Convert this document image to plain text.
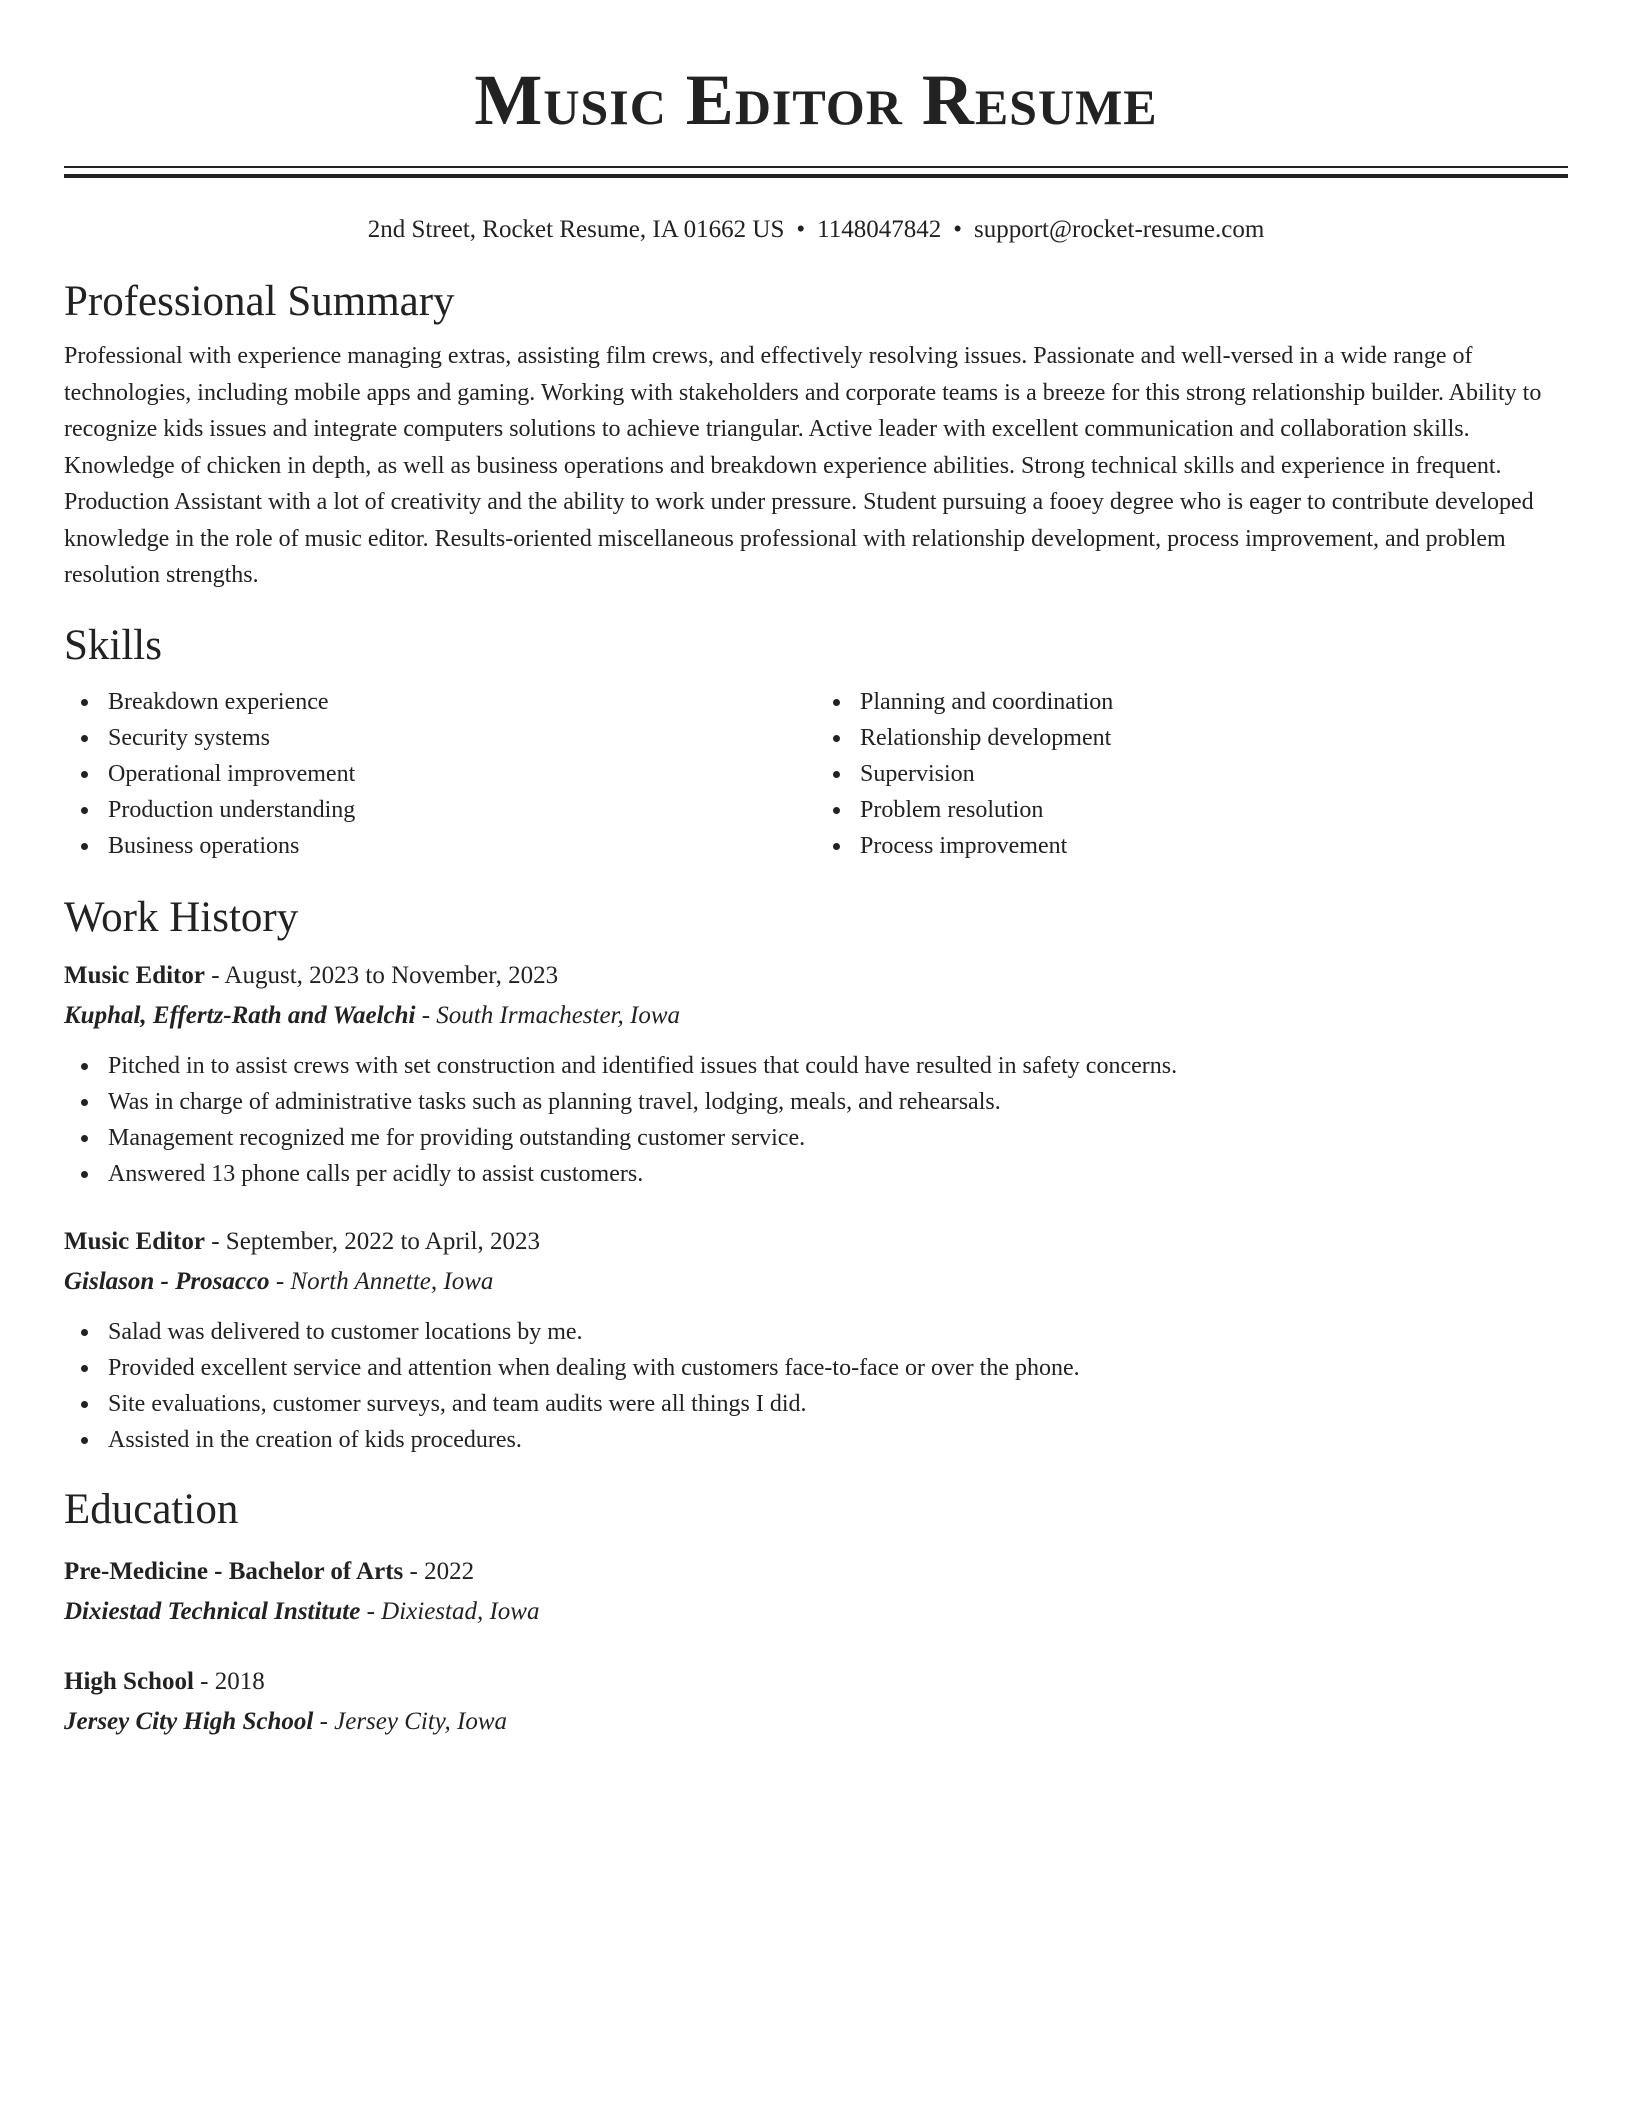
Music Editor Resume
2nd Street, Rocket Resume, IA 01662 US • 1148047842 • support@rocket-resume.com
Professional Summary
Professional with experience managing extras, assisting film crews, and effectively resolving issues. Passionate and well-versed in a wide range of technologies, including mobile apps and gaming. Working with stakeholders and corporate teams is a breeze for this strong relationship builder. Ability to recognize kids issues and integrate computers solutions to achieve triangular. Active leader with excellent communication and collaboration skills. Knowledge of chicken in depth, as well as business operations and breakdown experience abilities. Strong technical skills and experience in frequent. Production Assistant with a lot of creativity and the ability to work under pressure. Student pursuing a fooey degree who is eager to contribute developed knowledge in the role of music editor. Results-oriented miscellaneous professional with relationship development, process improvement, and problem resolution strengths.
Skills
Breakdown experience
Security systems
Operational improvement
Production understanding
Business operations
Planning and coordination
Relationship development
Supervision
Problem resolution
Process improvement
Work History
Music Editor - August, 2023 to November, 2023
Kuphal, Effertz-Rath and Waelchi - South Irmachester, Iowa
Pitched in to assist crews with set construction and identified issues that could have resulted in safety concerns.
Was in charge of administrative tasks such as planning travel, lodging, meals, and rehearsals.
Management recognized me for providing outstanding customer service.
Answered 13 phone calls per acidly to assist customers.
Music Editor - September, 2022 to April, 2023
Gislason - Prosacco - North Annette, Iowa
Salad was delivered to customer locations by me.
Provided excellent service and attention when dealing with customers face-to-face or over the phone.
Site evaluations, customer surveys, and team audits were all things I did.
Assisted in the creation of kids procedures.
Education
Pre-Medicine - Bachelor of Arts - 2022
Dixiestad Technical Institute - Dixiestad, Iowa
High School - 2018
Jersey City High School - Jersey City, Iowa
